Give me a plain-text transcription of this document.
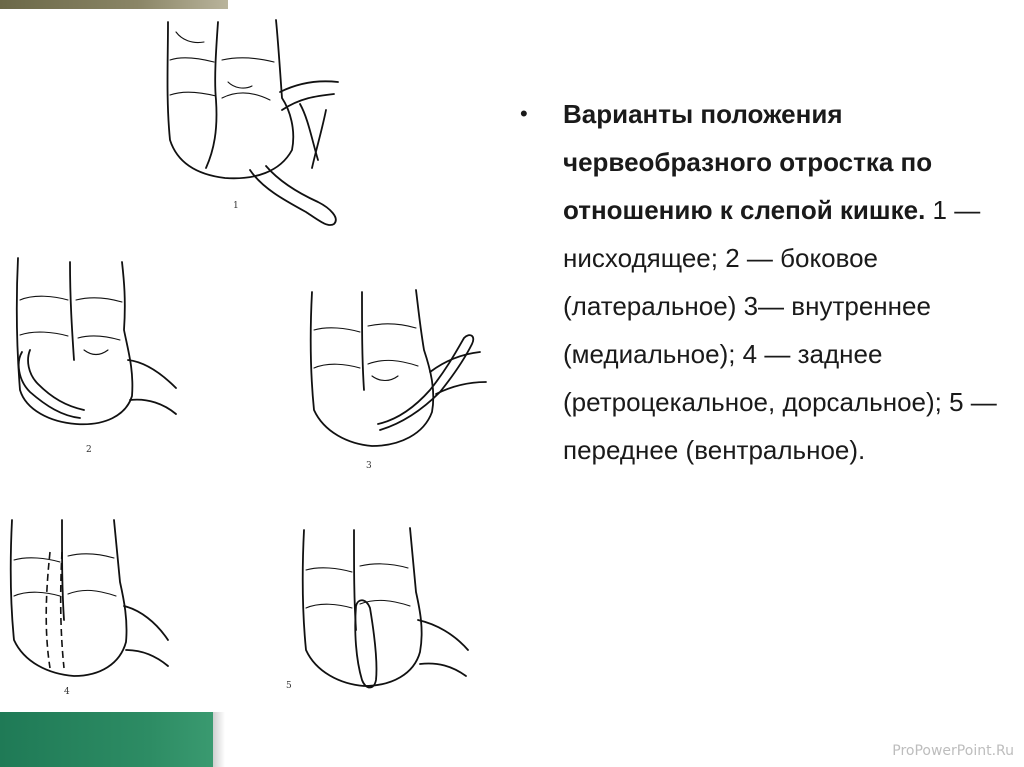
1
2
3
4
5
•	Варианты положения червеобразного отростка по отношению к слепой кишке. 1 — нисходящее; 2 — боковое (латеральное) 3— внутреннее (медиальное); 4 — заднее (ретроцекальное, дорсальное); 5 — переднее (вентральное).
ProPowerPoint.Ru
